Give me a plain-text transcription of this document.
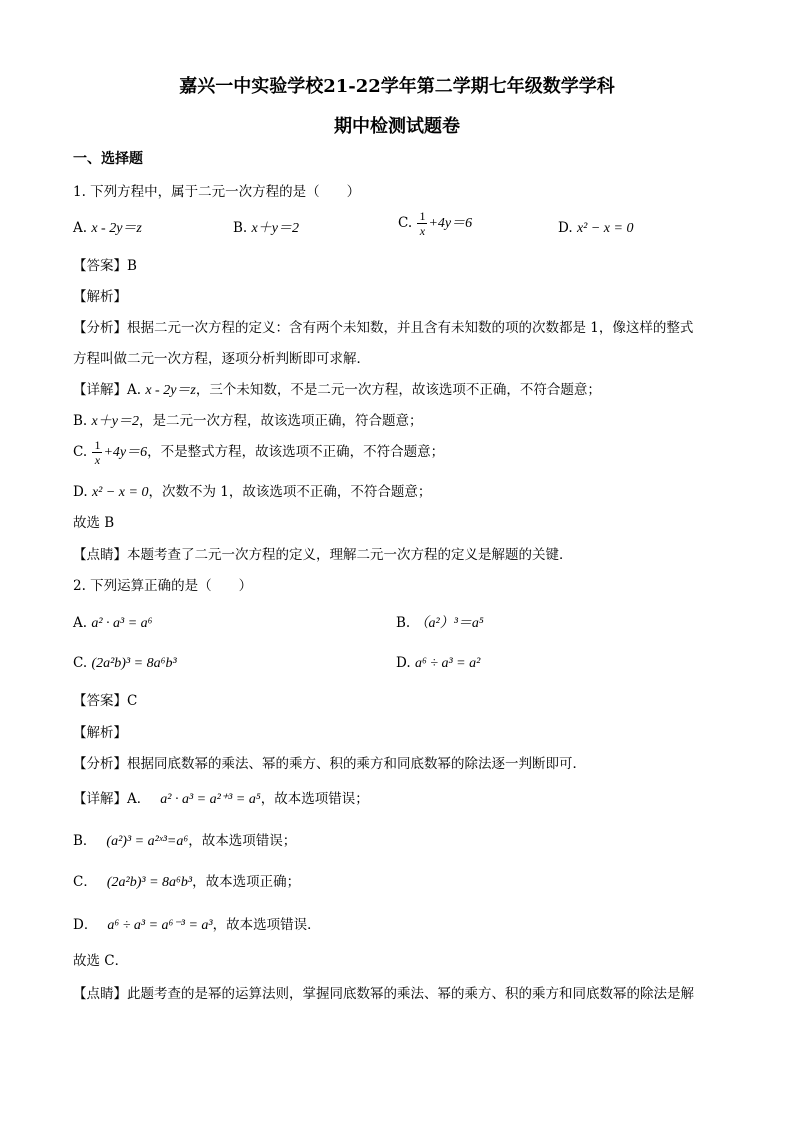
嘉兴一中实验学校21-22学年第二学期七年级数学学科
期中检测试题卷
一、选择题
1. 下列方程中，属于二元一次方程的是（　　）
A. x - 2y＝z	B. x＋y＝2	C. $\frac{1}{x} +4y=6$	D. x² − x = 0
【答案】B
【解析】
【分析】根据二元一次方程的定义：含有两个未知数，并且含有未知数的项的次数都是 1，像这样的整式
方程叫做二元一次方程，逐项分析判断即可求解．
【详解】A. x - 2y＝z，三个未知数，不是二元一次方程，故该选项不正确，不符合题意；
B. x＋y＝2，是二元一次方程，故该选项正确，符合题意；
C. $\frac{1}{x} +4y=6$，不是整式方程，故该选项不正确，不符合题意；
D. x² − x = 0，次数不为 1，故该选项不正确，不符合题意；
故选 B
【点睛】本题考查了二元一次方程的定义，理解二元一次方程的定义是解题的关键．
2. 下列运算正确的是（　　）
A. a² · a³ = a⁶	B. （a²）³＝a⁵
C. (2a²b)³ = 8a⁶b³	D. a⁶ ÷ a³ = a²
【答案】C
【解析】
【分析】根据同底数幂的乘法、幂的乘方、积的乘方和同底数幂的除法逐一判断即可．
【详解】A． a² · a³ = a²⁺³ = a⁵，故本选项错误；
B． (a²)³ = a²ˣ³=a⁶，故本选项错误；
C． (2a²b)³ = 8a⁶b³，故本选项正确；
D． a⁶ ÷ a³ = a⁶⁻³ = a³，故本选项错误．
故选 C．
【点睛】此题考查的是幂的运算法则，掌握同底数幂的乘法、幂的乘方、积的乘方和同底数幂的除法是解
